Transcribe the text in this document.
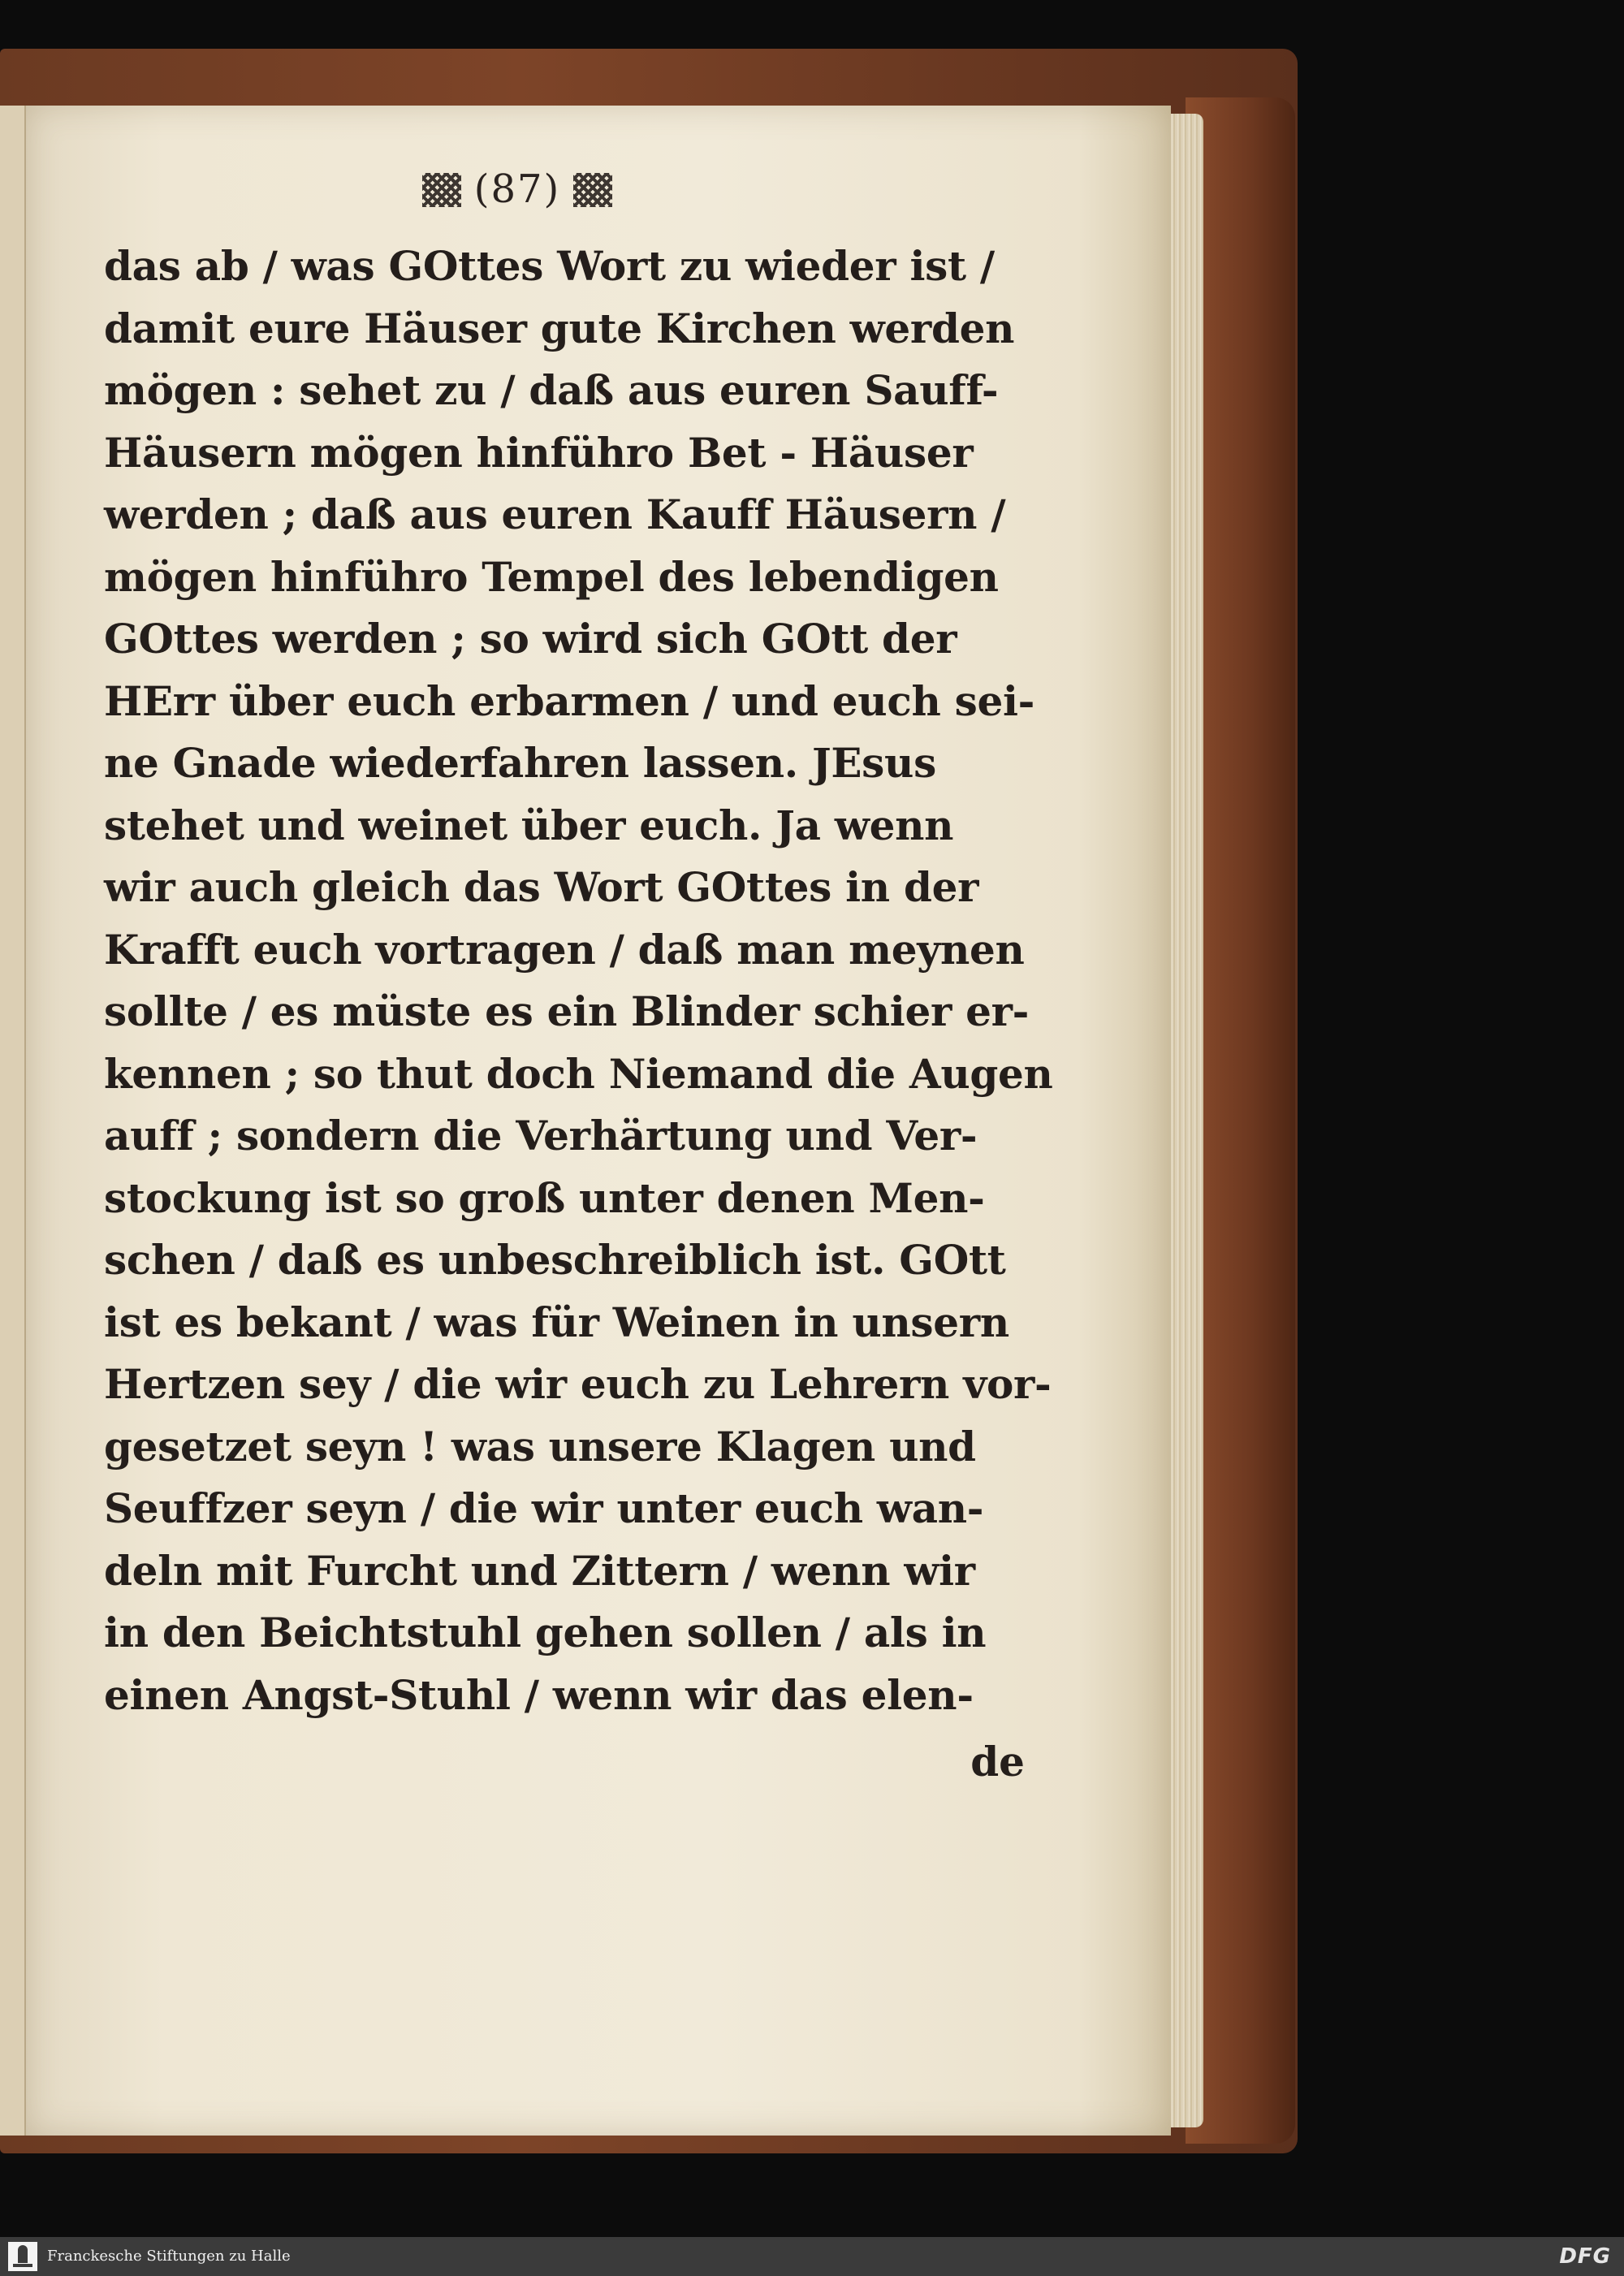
(87)
das ab / was GOttes Wort zu wieder ist /
damit eure Häuser gute Kirchen werden
mögen : sehet zu / daß aus euren Sauff-
Häusern mögen hinführo Bet - Häuser
werden ; daß aus euren Kauff Häusern /
mögen hinführo Tempel des lebendigen
GOttes werden ; so wird sich GOtt der
HErr über euch erbarmen / und euch sei-
ne Gnade wiederfahren lassen. JEsus
stehet und weinet über euch. Ja wenn
wir auch gleich das Wort GOttes in der
Krafft euch vortragen / daß man meynen
sollte / es müste es ein Blinder schier er-
kennen ; so thut doch Niemand die Augen
auff ; sondern die Verhärtung und Ver-
stockung ist so groß unter denen Men-
schen / daß es unbeschreiblich ist. GOtt
ist es bekant / was für Weinen in unsern
Hertzen sey / die wir euch zu Lehrern vor-
gesetzet seyn ! was unsere Klagen und
Seuffzer seyn / die wir unter euch wan-
deln mit Furcht und Zittern / wenn wir
in den Beichtstuhl gehen sollen / als in
einen Angst-Stuhl / wenn wir das elen-
de
Franckesche Stiftungen zu Halle	DFG
